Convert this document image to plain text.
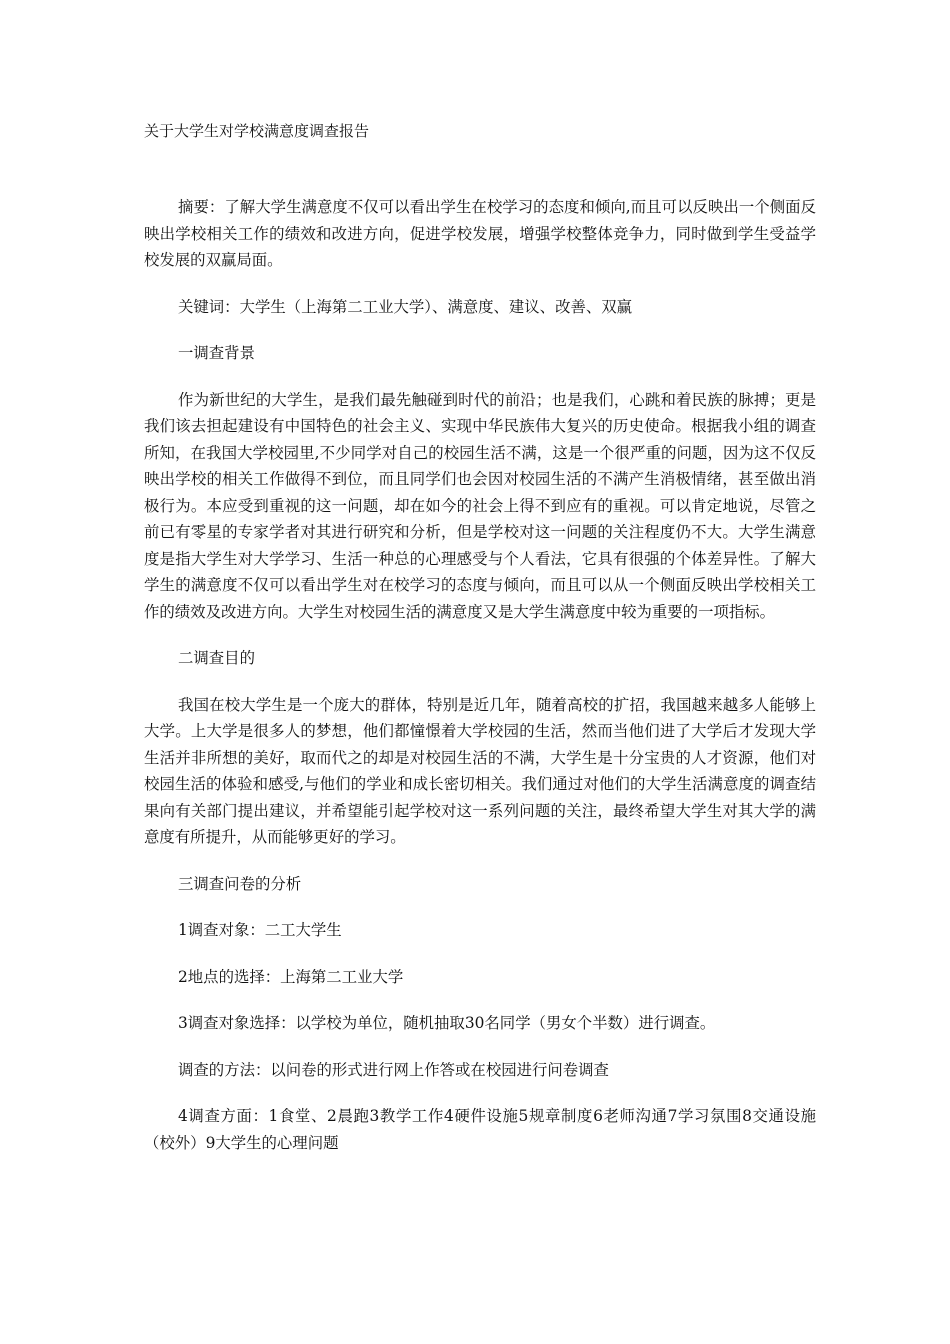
关于大学生对学校满意度调查报告

摘要：了解大学生满意度不仅可以看出学生在校学习的态度和倾向,而且可以反映出一个侧面反映出学校相关工作的绩效和改进方向，促进学校发展，增强学校整体竞争力，同时做到学生受益学校发展的双赢局面。

关键词：大学生（上海第二工业大学）、满意度、建议、改善、双赢

一调查背景

作为新世纪的大学生，是我们最先触碰到时代的前沿；也是我们，心跳和着民族的脉搏；更是我们该去担起建设有中国特色的社会主义、实现中华民族伟大复兴的历史使命。根据我小组的调查所知，在我国大学校园里,不少同学对自己的校园生活不满，这是一个很严重的问题，因为这不仅反映出学校的相关工作做得不到位，而且同学们也会因对校园生活的不满产生消极情绪，甚至做出消极行为。本应受到重视的这一问题，却在如今的社会上得不到应有的重视。可以肯定地说，尽管之前已有零星的专家学者对其进行研究和分析，但是学校对这一问题的关注程度仍不大。大学生满意度是指大学生对大学学习、生活一种总的心理感受与个人看法，它具有很强的个体差异性。了解大学生的满意度不仅可以看出学生对在校学习的态度与倾向，而且可以从一个侧面反映出学校相关工作的绩效及改进方向。大学生对校园生活的满意度又是大学生满意度中较为重要的一项指标。

二调查目的

我国在校大学生是一个庞大的群体，特别是近几年，随着高校的扩招，我国越来越多人能够上大学。上大学是很多人的梦想，他们都憧憬着大学校园的生活，然而当他们进了大学后才发现大学生活并非所想的美好，取而代之的却是对校园生活的不满，大学生是十分宝贵的人才资源，他们对校园生活的体验和感受,与他们的学业和成长密切相关。我们通过对他们的大学生活满意度的调查结果向有关部门提出建议，并希望能引起学校对这一系列问题的关注，最终希望大学生对其大学的满意度有所提升，从而能够更好的学习。

三调查问卷的分析

1调查对象：二工大学生

2地点的选择：上海第二工业大学

3调查对象选择：以学校为单位，随机抽取30名同学（男女个半数）进行调查。

调查的方法：以问卷的形式进行网上作答或在校园进行问卷调查

4调查方面：1食堂、2晨跑3教学工作4硬件设施5规章制度6老师沟通7学习氛围8交通设施（校外）9大学生的心理问题
